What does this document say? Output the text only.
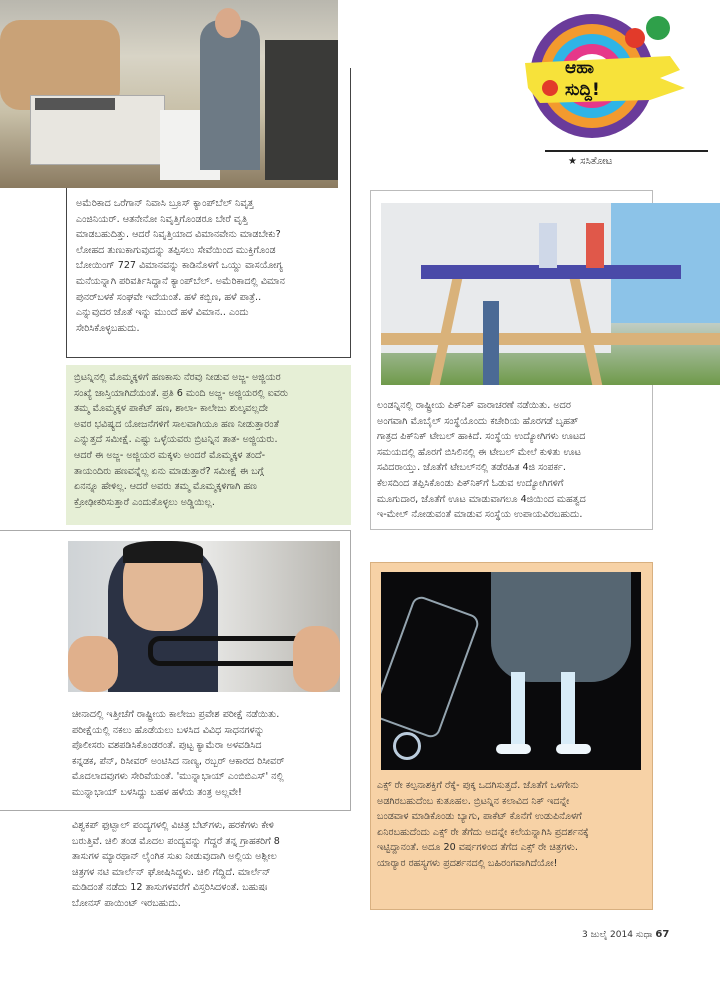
ಅಮೆರಿಕಾದ ಒರೆಗಾನ್ ನಿವಾಸಿ ಬ್ರೂಸ್ ಕ್ಯಾಂಪ್‌ಬೆಲ್ ನಿವೃತ್ತ
ಎಂಜಿನಿಯರ್. ಆತನೇನೋ ನಿವೃತ್ತಿಗೊಂಡರೂ ಬೇರೆ ವೃತ್ತಿ
ಮಾಡಬಹುದಿತ್ತು. ಆದರೆ ನಿವೃತ್ತಿಯಾದ ವಿಮಾನವೇನು ಮಾಡಬೇಕು?
ಲೋಹದ ತುಣುಕಾಗುವುದನ್ನು ತಪ್ಪಿಸಲು ಸೇವೆಯಿಂದ ಮುಕ್ತಿಗೊಂಡ
ಬೋಯಿಂಗ್ 727 ವಿಮಾನವನ್ನು ಕಾಡಿನೊಳಗೆ ಒಯ್ದು ವಾಸಯೋಗ್ಯ
ಮನೆಯನ್ನಾಗಿ ಪರಿವರ್ತಿಸಿದ್ದಾನೆ ಕ್ಯಾಂಪ್‌ಬೆಲ್. ಅಮೆರಿಕಾದಲ್ಲಿ ವಿಮಾನ
ಪುನರ್‌ಬಳಕೆ ಸಂಘವೇ ಇದೆಯಂತೆ. ಹಳೆ ಕಬ್ಬಿಣ, ಹಳೆ ಪಾತ್ರೆ..
ಎನ್ನುವುದರ ಜೊತೆ ಇನ್ನು ಮುಂದೆ ಹಳೆ ವಿಮಾನ.. ಎಂದು
ಸೇರಿಸಿಕೊಳ್ಳಬಹುದು.
ಬ್ರಿಟನ್ನಿನಲ್ಲಿ ಮೊಮ್ಮಕ್ಕಳಿಗೆ ಹಣಕಾಸು ನೆರವು ನೀಡುವ ಅಜ್ಜ- ಅಜ್ಜಿಯರ
ಸಂಖ್ಯೆ ಜಾಸ್ತಿಯಾಗಿದೆಯಂತೆ. ಪ್ರತಿ 6 ಮಂದಿ ಅಜ್ಜ- ಅಜ್ಜಿಯರಲ್ಲಿ ಐವರು
ತಮ್ಮ ಮೊಮ್ಮಕ್ಕಳ ಪಾಕೆಟ್ ಹಣ, ಶಾಲಾ- ಕಾಲೇಜು ಶುಲ್ಕವಲ್ಲದೇ
ಅವರ ಭವಿಷ್ಯದ ಯೋಜನೆಗಳಿಗೆ ಸಾಲವಾಗಿಯೂ ಹಣ ನೀಡುತ್ತಾರಂತೆ
ಎನ್ನುತ್ತದೆ ಸಮೀಕ್ಷೆ. ಎಷ್ಟು ಒಳ್ಳೆಯವರು ಬ್ರಿಟನ್ನಿನ ತಾತ- ಅಜ್ಜಿಯರು.
ಆದರೆ ಈ ಅಜ್ಜ- ಅಜ್ಜಿಯರ ಮಕ್ಕಳು ಅಂದರೆ ಮೊಮ್ಮಕ್ಕಳ ತಂದೆ-
ತಾಯಂದಿರು ಹಣವನ್ನೆಲ್ಲ ಏನು ಮಾಡುತ್ತಾರೆ? ಸಮೀಕ್ಷೆ ಈ ಬಗ್ಗೆ
ಏನನ್ನೂ ಹೇಳಿಲ್ಲ. ಆದರೆ ಅವರು ತಮ್ಮ ಮೊಮ್ಮಕ್ಕಳಿಗಾಗಿ ಹಣ
ಕ್ರೋಢೀಕರಿಸುತ್ತಾರೆ ಎಂದುಕೊಳ್ಳಲು ಅಡ್ಡಿಯಿಲ್ಲ.
ಆಹಾ
ಸುದ್ದಿ!
★ ಸಸಿತೋಟ
ಲಂಡನ್ನಿನಲ್ಲಿ ರಾಷ್ಟ್ರೀಯ ಪಿಕ್‌ನಿಕ್ ವಾರಾಚರಣೆ ನಡೆಯಿತು. ಅದರ
ಅಂಗವಾಗಿ ಮೊಬೈಲ್ ಸಂಸ್ಥೆಯೊಂದು ಕಚೇರಿಯ ಹೊರಗಡೆ ಬೃಹತ್
ಗಾತ್ರದ ಪಿಕ್‌ನಿಕ್ ಟೇಬಲ್ ಹಾಕಿದೆ. ಸಂಸ್ಥೆಯ ಉದ್ಯೋಗಿಗಳು ಊಟದ
ಸಮಯದಲ್ಲಿ ಹೊರಗೆ ಬಿಸಿಲಿನಲ್ಲಿ ಈ ಟೇಬಲ್ ಮೇಲೆ ಕುಳಿತು ಊಟ
ಸವಿದರಾಯ್ತು. ಜೊತೆಗೆ ಟೇಬಲ್‌ನಲ್ಲಿ ತಡೆರಹಿತ 4ಜಿ ಸಂಪರ್ಕ.
ಕೆಲಸದಿಂದ ತಪ್ಪಿಸಿಕೊಂಡು ಪಿಕ್‌ನಿಕ್‌ಗೆ ಓಡುವ ಉದ್ಯೋಗಿಗಳಿಗೆ
ಮೂಗುದಾರ, ಜೊತೆಗೆ ಊಟ ಮಾಡುವಾಗಲೂ 4ಜಿಯಿಂದ ಮಹತ್ವದ
ಇ-ಮೇಲ್ ನೋಡುವಂತೆ ಮಾಡುವ ಸಂಸ್ಥೆಯ ಉಪಾಯವಿರಬಹುದು.
ಚೀನಾದಲ್ಲಿ ಇತ್ತೀಚೆಗೆ ರಾಷ್ಟ್ರೀಯ ಕಾಲೇಜು ಪ್ರವೇಶ ಪರೀಕ್ಷೆ ನಡೆಯಿತು.
ಪರೀಕ್ಷೆಯಲ್ಲಿ ನಕಲು ಹೊಡೆಯಲು ಬಳಸಿದ ವಿವಿಧ ಸಾಧನಗಳನ್ನು
ಪೊಲೀಸರು ವಶಪಡಿಸಿಕೊಂಡರಂತೆ. ಪುಟ್ಟ ಕ್ಯಾಮೆರಾ ಅಳವಡಿಸಿದ
ಕನ್ನಡಕ, ಪೆನ್, ರಿಸೀವರ್ ಅಂಟಿಸಿದ ನಾಣ್ಯ, ರಬ್ಬರ್ ಆಕಾರದ ರಿಸೀವರ್
ಮೊದಲಾದವುಗಳು ಸೇರಿವೆಯಂತೆ. 'ಮುನ್ನಾಭಾಯ್ ಎಂಬಿಬಿಎಸ್' ನಲ್ಲಿ
ಮುನ್ನಾಭಾಯ್ ಬಳಸಿದ್ದು ಬಹಳ ಹಳೆಯ ತಂತ್ರ ಅಲ್ಲವೇ!
ವಿಶ್ವಕಪ್ ಫುಟ್ಬಾಲ್ ಪಂದ್ಯಗಳಲ್ಲಿ ವಿಚಿತ್ರ ಬೆಟ್‌ಗಳು, ಹರಕೆಗಳು ಕೇಳಿ
ಬರುತ್ತಿವೆ. ಚಿಲಿ ತಂಡ ಮೊದಲ ಪಂದ್ಯವನ್ನು ಗೆದ್ದರೆ ತನ್ನ ಗ್ರಾಹಕರಿಗೆ 8
ತಾಸುಗಳ ಮ್ಯಾರಥಾನ್ ಲೈಂಗಿಕ ಸುಖ ನೀಡುವುದಾಗಿ ಅಲ್ಲಿಯ ಅಶ್ಲೀಲ
ಚಿತ್ರಗಳ ನಟಿ ಮಾರ್ಲೆನ್ ಘೋಷಿಸಿದ್ದಳು. ಚಿಲಿ ಗೆದ್ದಿದೆ. ಮಾರ್ಲೆನ್
ಮಡಿದಂತೆ ನಡೆದು 12 ತಾಸುಗಳವರೆಗೆ ವಿಸ್ತರಿಸಿದಳಂತೆ. ಬಹುಷಃ
ಬೋನಸ್ ಪಾಯಿಂಟ್ ಇರಬಹುದು.
ಎಕ್ಸ್ ರೇ ಕಲ್ಪನಾಶಕ್ತಿಗೆ ರೆಕ್ಕೆ- ಪುಕ್ಕ ಒದಗಿಸುತ್ತದೆ. ಜೊತೆಗೆ ಒಳಗೇನು
ಅಡಗಿರಬಹುದೆಂಬ ಕುತೂಹಲ. ಬ್ರಿಟನ್ನಿನ ಕಲಾವಿದ ನಿಕ್ ಇದನ್ನೇ
ಬಂಡವಾಳ ಮಾಡಿಕೊಂಡು ಬ್ಯಾಗು, ಪಾಕೆಟ್ ಕೊನೆಗೆ ಉಡುಪಿನೊಳಗೆ
ಏನಿರಬಹುದೆಂದು ಎಕ್ಸ್ ರೇ ತೆಗೆದು ಅದನ್ನೇ ಕಲೆಯನ್ನಾಗಿಸಿ ಪ್ರದರ್ಶನಕ್ಕೆ
ಇಟ್ಟಿದ್ದಾನಂತೆ. ಅದೂ 20 ವರ್ಷಗಳಿಂದ ತೆಗೆದ ಎಕ್ಸ್ ರೇ ಚಿತ್ರಗಳು.
ಯಾರ್‍ಯಾರ ರಹಸ್ಯಗಳು ಪ್ರದರ್ಶನದಲ್ಲಿ ಬಹಿರಂಗವಾಗಿದೆಯೋ!
3 ಜುಲೈ 2014 ಸುಧಾ 67
